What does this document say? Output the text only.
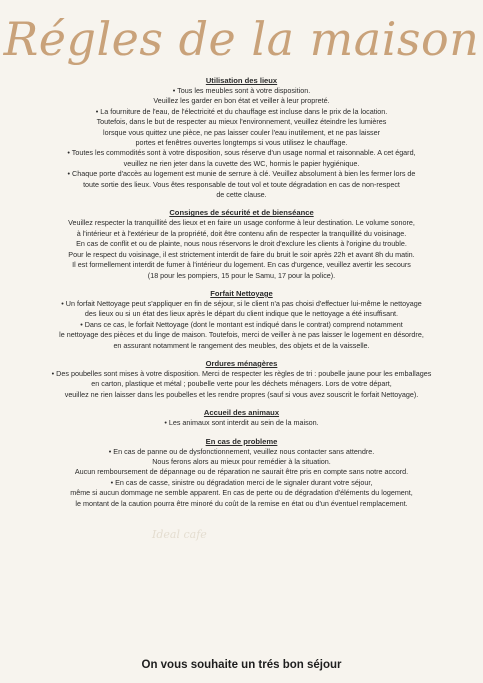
Régles de la maison

Utilisation des lieux

• Tous les meubles sont à votre disposition.

Veuillez les garder en bon état et veiller à leur propreté.

• La fourniture de l'eau, de l'électricité et du chauffage est incluse dans le prix de la location.

Toutefois, dans le but de respecter au mieux l'environnement, veuillez éteindre les lumières

lorsque vous quittez une pièce, ne pas laisser couler l'eau inutilement, et ne pas laisser

portes et fenêtres ouvertes longtemps si vous utilisez le chauffage.

• Toutes les commodités sont à votre disposition, sous réserve d'un usage normal et raisonnable. A cet égard,

veuillez ne rien jeter dans la cuvette des WC, hormis le papier hygiénique.

• Chaque porte d'accès au logement est munie de serrure à clé. Veuillez absolument à bien les fermer lors de

toute sortie des lieux. Vous êtes responsable de tout vol et toute dégradation en cas de non-respect

de cette clause.

Consignes de sécurité et de bienséance

Veuillez respecter la tranquillité des lieux et en faire un usage conforme à leur destination. Le volume sonore,

à l'intérieur et à l'extérieur de la propriété, doit être contenu afin de respecter la tranquillité du voisinage.

En cas de conflit et ou de plainte, nous nous réservons le droit d'exclure les clients à l'origine du trouble.

Pour le respect du voisinage, il est strictement interdit de faire du bruit le soir après 22h et avant 8h du matin.

Il est formellement interdit de fumer à l'intérieur du logement. En cas d'urgence, veuillez avertir les secours

(18 pour les pompiers, 15 pour le Samu, 17 pour la police).

Forfait Nettoyage

• Un forfait Nettoyage peut s'appliquer en fin de séjour, si le client n'a pas choisi d'effectuer lui-même le nettoyage

des lieux ou si un état des lieux après le départ du client indique que le nettoyage a été insuffisant.

• Dans ce cas, le forfait Nettoyage (dont le montant est indiqué dans le contrat) comprend notamment

le nettoyage des pièces et du linge de maison. Toutefois, merci de veiller à ne pas laisser le logement en désordre,

en assurant notamment le rangement des meubles, des objets et de la vaisselle.

Ordures ménagères

• Des poubelles sont mises à votre disposition. Merci de respecter les règles de tri : poubelle jaune pour les emballages

en carton, plastique et métal ; poubelle verte pour les déchets ménagers. Lors de votre départ,

veuillez ne rien laisser dans les poubelles et les rendre propres (sauf si vous avez souscrit le forfait Nettoyage).

Accueil des animaux

• Les animaux sont interdit au sein de la maison.

En cas de probleme

• En cas de panne ou de dysfonctionnement, veuillez nous contacter sans attendre.

Nous ferons alors au mieux pour remédier à la situation.

Aucun remboursement de dépannage ou de réparation ne saurait être pris en compte sans notre accord.

• En cas de casse, sinistre ou dégradation merci de le signaler durant votre séjour,

même si aucun dommage ne semble apparent. En cas de perte ou de dégradation d'éléments du logement,

le montant de la caution pourra être minoré du coût de la remise en état ou d'un éventuel remplacement.

Ideal cafe
On vous souhaite un trés bon séjour
